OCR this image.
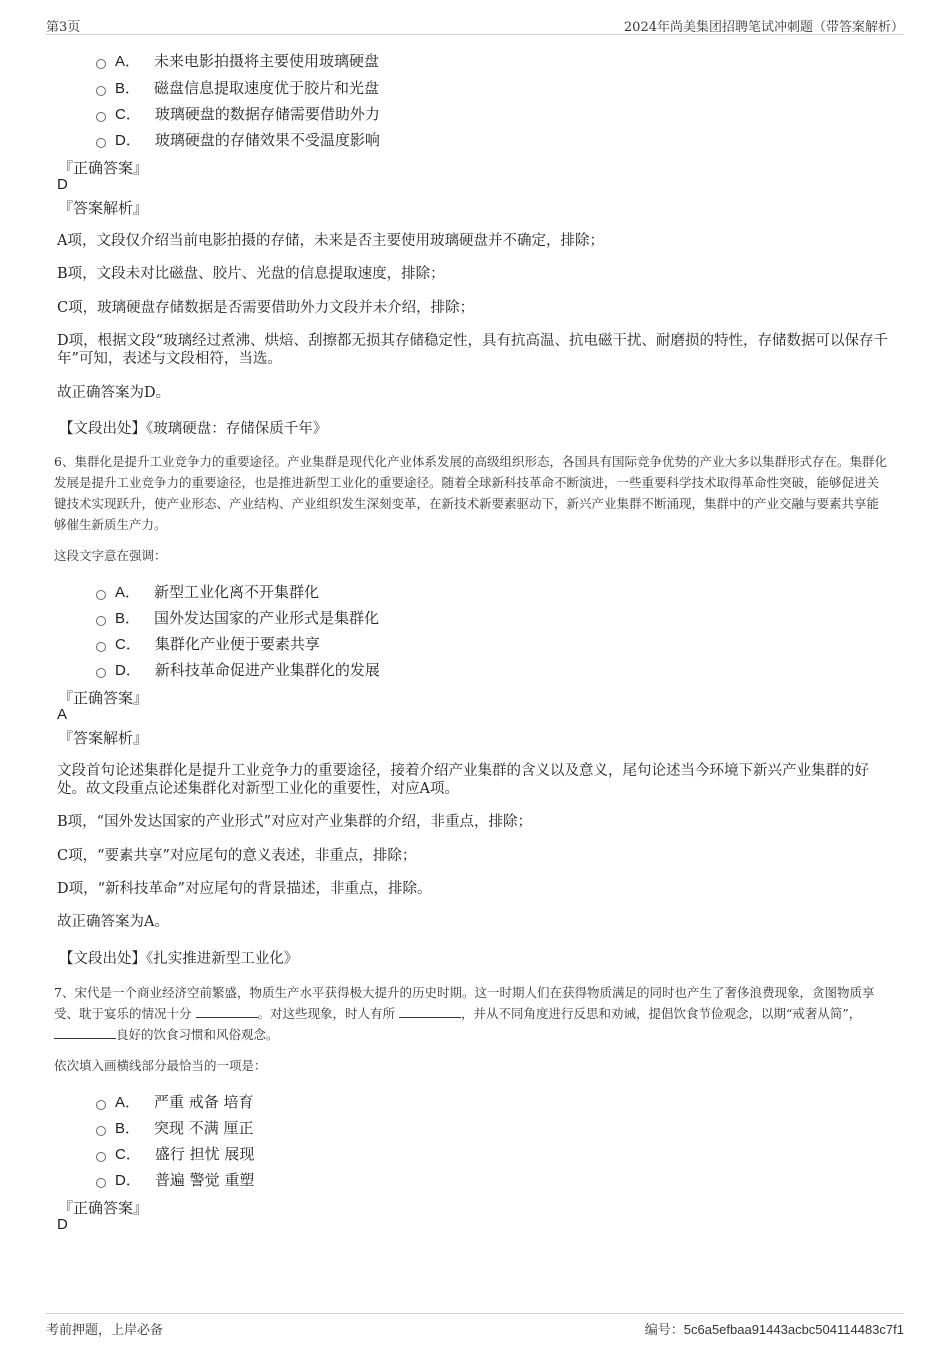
第3页	2024年尚美集团招聘笔试冲刺题（带答案解析）
A． 未来电影拍摄将主要使用玻璃硬盘
B． 磁盘信息提取速度优于胶片和光盘
C． 玻璃硬盘的数据存储需要借助外力
D． 玻璃硬盘的存储效果不受温度影响
『正确答案』
D
『答案解析』
A项，文段仅介绍当前电影拍摄的存储，未来是否主要使用玻璃硬盘并不确定，排除；
B项，文段未对比磁盘、胶片、光盘的信息提取速度，排除；
C项，玻璃硬盘存储数据是否需要借助外力文段并未介绍，排除；
D项，根据文段“玻璃经过煮沸、烘焙、刮擦都无损其存储稳定性，具有抗高温、抗电磁干扰、耐磨损的特性，存储数据可以保存千年”可知，表述与文段相符，当选。
故正确答案为D。
【文段出处】《玻璃硬盘：存储保质千年》
6、集群化是提升工业竞争力的重要途径。产业集群是现代化产业体系发展的高级组织形态，各国具有国际竞争优势的产业大多以集群形式存在。集群化发展是提升工业竞争力的重要途径，也是推进新型工业化的重要途径。随着全球新科技革命不断演进，一些重要科学技术取得革命性突破，能够促进关键技术实现跃升，使产业形态、产业结构、产业组织发生深刻变革，在新技术新要素驱动下，新兴产业集群不断涌现，集群中的产业交融与要素共享能够催生新质生产力。
这段文字意在强调：
A． 新型工业化离不开集群化
B． 国外发达国家的产业形式是集群化
C． 集群化产业便于要素共享
D． 新科技革命促进产业集群化的发展
『正确答案』
A
『答案解析』
文段首句论述集群化是提升工业竞争力的重要途径，接着介绍产业集群的含义以及意义，尾句论述当今环境下新兴产业集群的好处。故文段重点论述集群化对新型工业化的重要性，对应A项。
B项，“国外发达国家的产业形式”对应对产业集群的介绍，非重点，排除；
C项，“要素共享”对应尾句的意义表述，非重点，排除；
D项，“新科技革命”对应尾句的背景描述，非重点，排除。
故正确答案为A。
【文段出处】《扎实推进新型工业化》
7、宋代是一个商业经济空前繁盛，物质生产水平获得极大提升的历史时期。这一时期人们在获得物质满足的同时也产生了奢侈浪费现象，贪图物质享受、耽于宴乐的情况十分	。对这些现象，时人有所	，并从不同角度进行反思和劝诫，提倡饮食节俭观念，以期“戒奢从简”， 良好的饮食习惯和风俗观念。
依次填入画横线部分最恰当的一项是：
A． 严重 戒备 培育
B． 突现 不满 厘正
C． 盛行 担忧 展现
D． 普遍 警觉 重塑
『正确答案』
D
考前押题，上岸必备	编号：5c6a5efbaa91443acbc504114483c7f1
